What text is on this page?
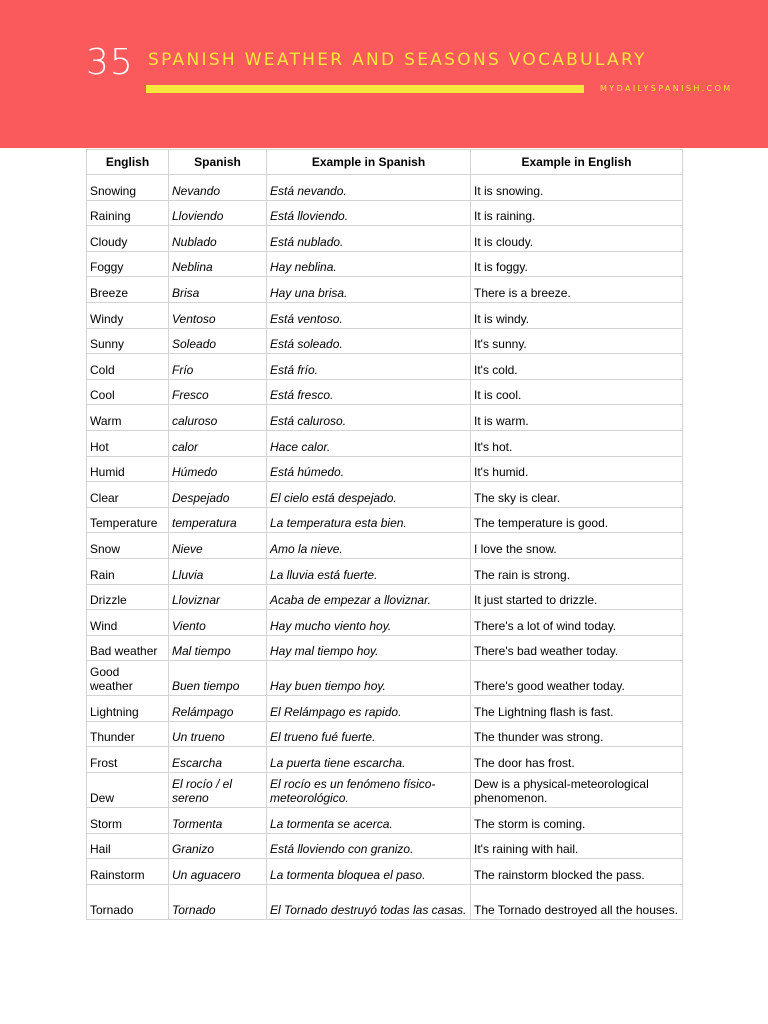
35 SPANISH WEATHER AND SEASONS VOCABULARY
MYDAILYSPANISH.COM
English	Spanish	Example in Spanish	Example in English
Snowing	Nevando	Está nevando.	It is snowing.
Raining	Lloviendo	Está lloviendo.	It is raining.
Cloudy	Nublado	Está nublado.	It is cloudy.
Foggy	Neblina	Hay neblina.	It is foggy.
Breeze	Brisa	Hay una brisa.	There is a breeze.
Windy	Ventoso	Está ventoso.	It is windy.
Sunny	Soleado	Está soleado.	It's sunny.
Cold	Frío	Está frío.	It's cold.
Cool	Fresco	Está fresco.	It is cool.
Warm	caluroso	Está caluroso.	It is warm.
Hot	calor	Hace calor.	It's hot.
Humid	Húmedo	Está húmedo.	It's humid.
Clear	Despejado	El cielo está despejado.	The sky is clear.
Temperature	temperatura	La temperatura esta bien.	The temperature is good.
Snow	Nieve	Amo la nieve.	I love the snow.
Rain	Lluvia	La lluvia está fuerte.	The rain is strong.
Drizzle	Lloviznar	Acaba de empezar a lloviznar.	It just started to drizzle.
Wind	Viento	Hay mucho viento hoy.	There's a lot of wind today.
Bad weather	Mal tiempo	Hay mal tiempo hoy.	There's bad weather today.
Good weather	Buen tiempo	Hay buen tiempo hoy.	There's good weather today.
Lightning	Relámpago	El Relámpago es rapido.	The Lightning flash is fast.
Thunder	Un trueno	El trueno fué fuerte.	The thunder was strong.
Frost	Escarcha	La puerta tiene escarcha.	The door has frost.
Dew	El rocío / el sereno	El rocío es un fenómeno físico-meteorológico.	Dew is a physical-meteorological phenomenon.
Storm	Tormenta	La tormenta se acerca.	The storm is coming.
Hail	Granizo	Está lloviendo con granizo.	It's raining with hail.
Rainstorm	Un aguacero	La tormenta bloquea el paso.	The rainstorm blocked the pass.
Tornado	Tornado	El Tornado destruyó todas las casas.	The Tornado destroyed all the houses.
